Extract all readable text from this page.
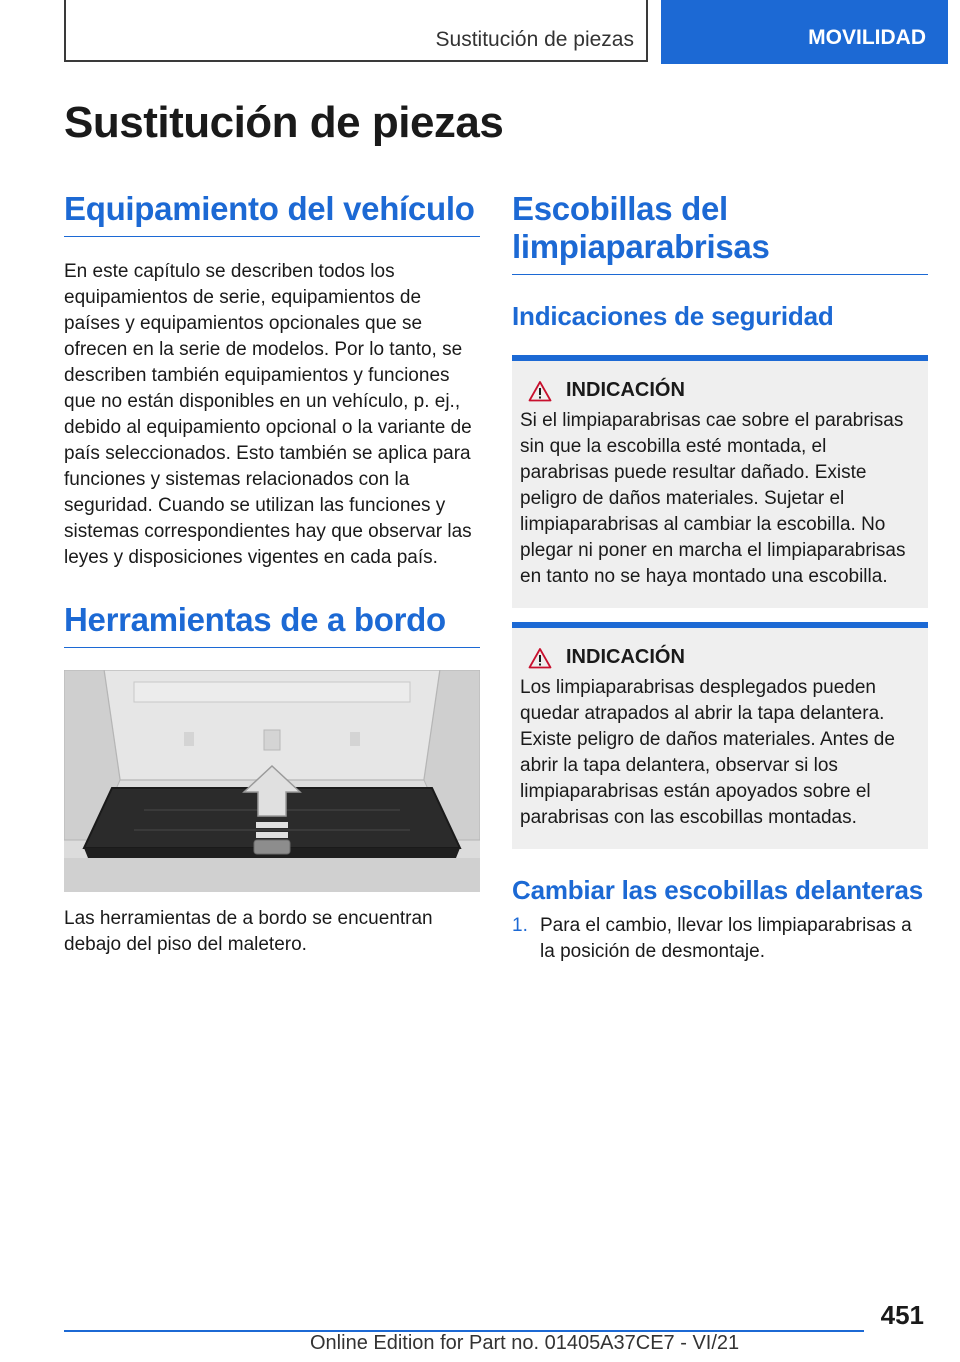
Sustitución de piezas	MOVILIDAD
Sustitución de piezas
Equipamiento del vehículo

En este capítulo se describen todos los equipamientos de serie, equipamientos de países y equipamientos opcionales que se ofrecen en la serie de modelos. Por lo tanto, se describen también equipamientos y funciones que no están disponibles en un vehículo, p. ej., debido al equipamiento opcional o la variante de país seleccionados. Esto también se aplica para funciones y sistemas relacionados con la seguridad. Cuando se utilizan las funciones y sistemas correspondientes hay que observar las leyes y disposiciones vigentes en cada país.

Herramientas de a bordo

Las herramientas de a bordo se encuentran debajo del piso del maletero.

Escobillas del limpiaparabrisas
Indicaciones de seguridad
INDICACIÓN

Si el limpiaparabrisas cae sobre el parabrisas sin que la escobilla esté montada, el parabrisas puede resultar dañado. Existe peligro de daños materiales. Sujetar el limpiaparabrisas al cambiar la escobilla. No plegar ni poner en marcha el limpiaparabrisas en tanto no se haya montado una escobilla.

INDICACIÓN

Los limpiaparabrisas desplegados pueden quedar atrapados al abrir la tapa delantera. Existe peligro de daños materiales. Antes de abrir la tapa delantera, observar si los limpiaparabrisas están apoyados sobre el parabrisas con las escobillas montadas.

Cambiar las escobillas delanteras
1. Para el cambio, llevar los limpiaparabrisas a la posición de desmontaje.
451
Online Edition for Part no. 01405A37CE7 - VI/21
